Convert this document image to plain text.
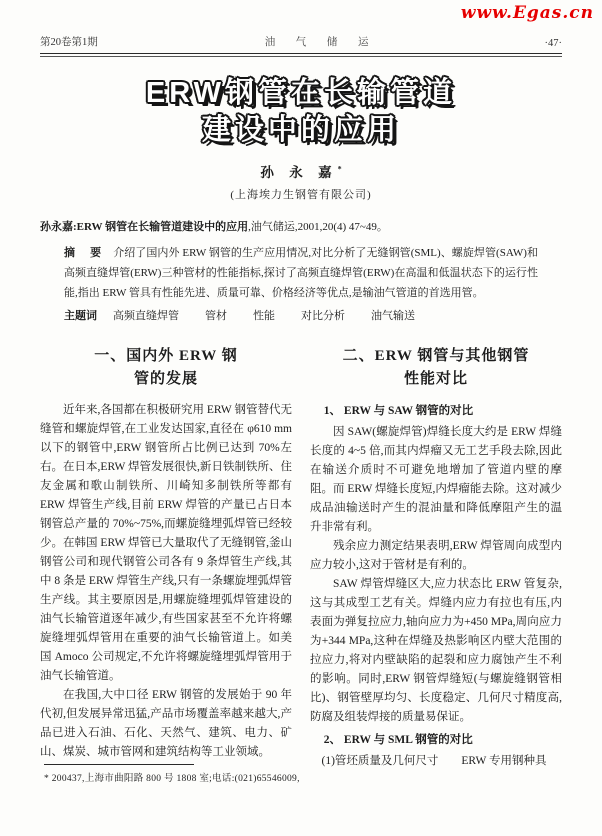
www.Egas.cn
第20卷第1期	油 气 储 运	·47·
ERW钢管在长输管道
建设中的应用
孙 永 嘉*
(上海埃力生钢管有限公司)
孙永嘉:ERW 钢管在长输管道建设中的应用,油气储运,2001,20(4) 47~49。
摘　要 介绍了国内外 ERW 钢管的生产应用情况,对比分析了无缝钢管(SML)、螺旋焊管(SAW)和高频直缝焊管(ERW)三种管材的性能指标,探讨了高频直缝焊管(ERW)在高温和低温状态下的运行性能,指出 ERW 管具有性能先进、质量可靠、价格经济等优点,是输油气管道的首选用管。
主题词 高频直缝焊管 管材 性能 对比分析 油气输送
一、国内外 ERW 钢
管的发展

近年来,各国都在积极研究用 ERW 钢管替代无缝管和螺旋焊管,在工业发达国家,直径在 φ610 mm 以下的钢管中,ERW 钢管所占比例已达到 70%左右。在日本,ERW 焊管发展很快,新日铁制铁所、住友金属和歌山制铁所、川崎知多制铁所等都有 ERW 焊管生产线,目前 ERW 焊管的产量已占日本钢管总产量的 70%~75%,而螺旋缝埋弧焊管已经较少。在韩国 ERW 焊管已大量取代了无缝钢管,釜山钢管公司和现代钢管公司各有 9 条焊管生产线,其中 8 条是 ERW 焊管生产线,只有一条螺旋埋弧焊管生产线。其主要原因是,用螺旋缝埋弧焊管建设的油气长输管道逐年减少,有些国家甚至不允许将螺旋缝埋弧焊管用在重要的油气长输管道上。如美国 Amoco 公司规定,不允许将螺旋缝埋弧焊管用于油气长输管道。

在我国,大中口径 ERW 钢管的发展始于 90 年代初,但发展异常迅猛,产品市场覆盖率越来越大,产品已进入石油、石化、天然气、建筑、电力、矿山、煤炭、城市管网和建筑结构等工业领域。

二、ERW 钢管与其他钢管
性能对比
1、 ERW 与 SAW 钢管的对比

因 SAW(螺旋焊管)焊缝长度大约是 ERW 焊缝长度的 4~5 倍,而其内焊瘤又无工艺手段去除,因此在输送介质时不可避免地增加了管道内壁的摩阻。而 ERW 焊缝长度短,内焊瘤能去除。这对减少成品油输送时产生的混油量和降低摩阻产生的温升非常有利。

残余应力测定结果表明,ERW 焊管周向成型内应力较小,这对于管材是有利的。

SAW 焊管焊缝区大,应力状态比 ERW 管复杂,这与其成型工艺有关。焊缝内应力有拉也有压,内表面为弹复拉应力,轴向应力为+450 MPa,周向应力为+344 MPa,这种在焊缝及热影响区内壁大范围的拉应力,将对内壁缺陷的起裂和应力腐蚀产生不利的影响。同时,ERW 钢管焊缝短(与螺旋缝钢管相比)、钢管壁厚均匀、长度稳定、几何尺寸精度高,防腐及组装焊接的质量易保证。

2、 ERW 与 SML 钢管的对比
(1)管坯质量及几何尺寸　　ERW 专用钢种具
* 200437,上海市曲阳路 800 号 1808 室;电话:(021)65546009,
